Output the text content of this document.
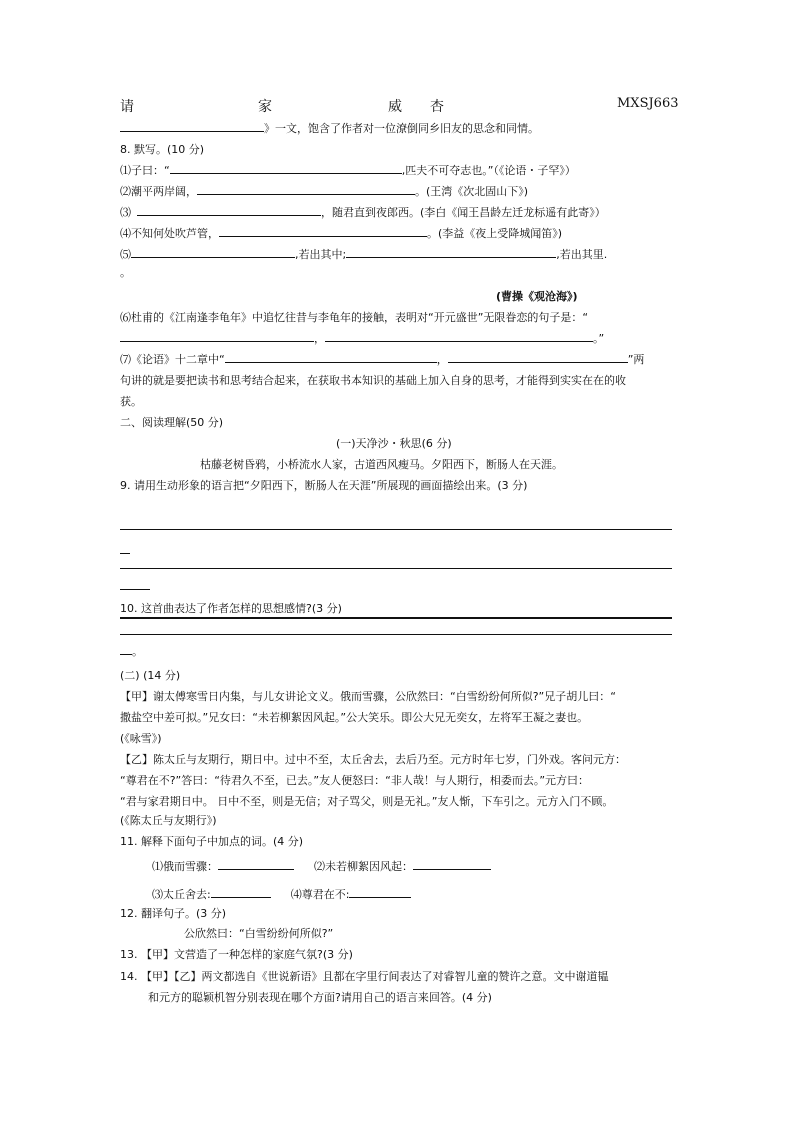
请	家	威 杏	MXSJ663
》一文，饱含了作者对一位潦倒同乡旧友的思念和同情。
8. 默写。(10 分)
⑴子曰：“	,匹夫不可夺志也。”（《论语・子罕》）
⑵潮平两岸阔，	。(王湾《次北固山下》)
⑶	，随君直到夜郎西。(李白《闻王昌龄左迁龙标遥有此寄》）
⑷不知何处吹芦管，	。(李益《夜上受降城闻笛》)
⑸	,若出其中;	,若出其里.
。
(曹操《观沧海》)
⑹杜甫的《江南逢李龟年》中追忆往昔与李龟年的接触，表明对“开元盛世”无限眷恋的句子是：“
，	。”
⑺《论语》十二章中“	，	”两
句讲的就是要把读书和思考结合起来，在获取书本知识的基础上加入自身的思考，才能得到实实在在的收
获。
二、阅读理解(50 分)
(一)天净沙・秋思(6 分)
枯藤老树昏鸦，小桥流水人家，古道西风瘦马。夕阳西下，断肠人在天涯。
9. 请用生动形象的语言把“夕阳西下，断肠人在天涯”所展现的画面描绘出来。(3 分)
10. 这首曲表达了作者怎样的思想感情?(3 分)
。
(二) (14 分)
【甲】谢太傅寒雪日内集，与儿女讲论文义。俄而雪骤，公欣然曰：“白雪纷纷何所似?”兄子胡儿曰：“
撒盐空中差可拟。”兄女曰：“未若柳絮因风起。”公大笑乐。即公大兄无奕女，左将军王凝之妻也。
(《咏雪》)
【乙】陈太丘与友期行，期日中。过中不至，太丘舍去，去后乃至。元方时年七岁，门外戏。客问元方：
“尊君在不?”答曰：“待君久不至，已去。”友人便怒曰：“非人哉！与人期行，相委而去。”元方曰：
“君与家君期日中。 日中不至，则是无信；对子骂父，则是无礼。”友人惭，下车引之。元方入门不顾。
(《陈太丘与友期行》)
11. 解释下面句子中加点的词。(4 分)
⑴俄而雪骤：	⑵未若柳絮因风起：
⑶太丘舍去:	⑷尊君在不:
12. 翻译句子。(3 分)
公欣然曰：“白雪纷纷何所似?”
13. 【甲】文营造了一种怎样的家庭气氛?(3 分)
14. 【甲】【乙】两文都选自《世说新语》且都在字里行间表达了对睿智儿童的赞许之意。文中谢道韫
和元方的聪颖机智分别表现在哪个方面?请用自己的语言来回答。(4 分)
